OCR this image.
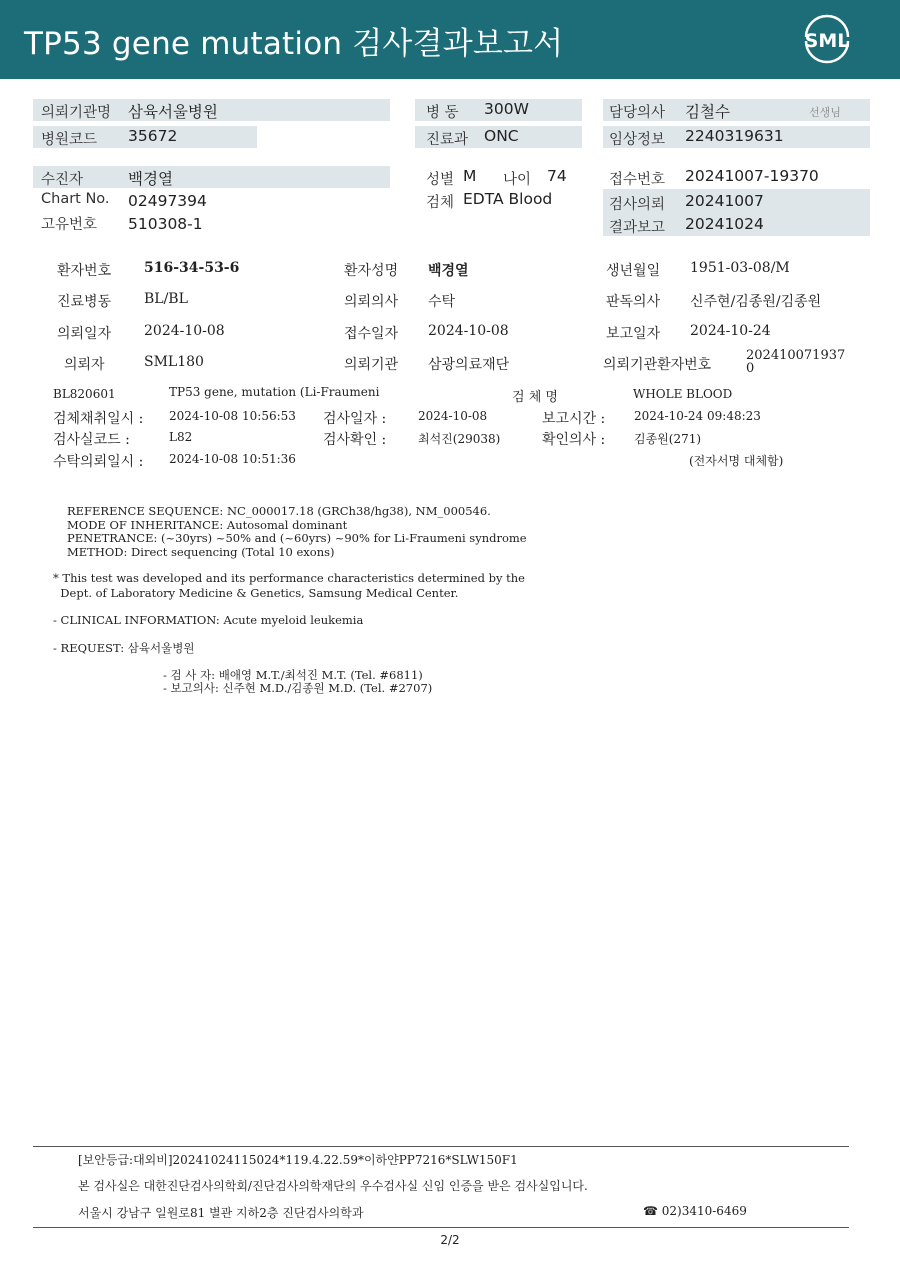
TP53 gene mutation 검사결과보고서	SML
의뢰기관명 삼육서울병원
병원코드 35672
병 동 300W
진료과 ONC
담당의사 김철수	선생님
임상정보 2240319631
수진자	백경열
Chart No. 02497394
고유번호 510308-1
성별 M 나이 74
검체 EDTA Blood
접수번호 20241007-19370
검사의뢰 20241007
결과보고 20241024
환자번호 516-34-53-6	환자성명 백경열	생년월일 1951-03-08/M
진료병동 BL/BL	의뢰의사 수탁	판독의사 신주현/김종원/김종원
의뢰일자 2024-10-08	접수일자 2024-10-08	보고일자 2024-10-24
의뢰자	SML180	의뢰기관 삼광의료재단	의뢰기관환자번호
2024100719370
BL820601	TP53 gene, mutation (Li-Fraumeni	검 체 명	WHOLE BLOOD
검체채취일시 : 2024-10-08 10:56:53 검사일자 :	2024-10-08	보고시간 : 2024-10-24 09:48:23
검사실코드 :	L82	검사확인 :	최석진(29038)	확인의사 : 김종원(271)
수탁의뢰일시 : 2024-10-08 10:51:36	(전자서명 대체함)
REFERENCE SEQUENCE: NC_000017.18 (GRCh38/hg38), NM_000546.
MODE OF INHERITANCE: Autosomal dominant
PENETRANCE: (~30yrs) ~50% and (~60yrs) ~90% for Li-Fraumeni syndrome
METHOD: Direct sequencing (Total 10 exons)
* This test was developed and its performance characteristics determined by the
Dept. of Laboratory Medicine & Genetics, Samsung Medical Center.
- CLINICAL INFORMATION: Acute myeloid leukemia
- REQUEST: 삼육서울병원
- 검 사 자: 배애영 M.T./최석진 M.T. (Tel. #6811)
- 보고의사: 신주현 M.D./김종원 M.D. (Tel. #2707)
[보안등급:대외비]20241024115024*119.4.22.59*이하얀PP7216*SLW150F1
본 검사실은 대한진단검사의학회/진단검사의학재단의 우수검사실 신임 인증을 받은 검사실입니다.
서울시 강남구 일원로81 별관 지하2층 진단검사의학과	☎ 02)3410-6469
2/2
